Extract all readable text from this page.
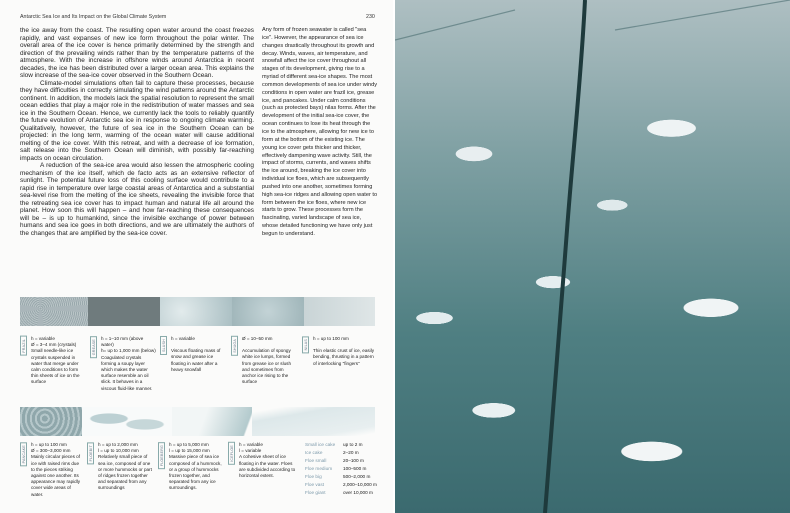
Antarctic Sea Ice and Its Impact on the Global Climate System	230

the ice away from the coast. The resulting open water around the coast freezes rapidly, and vast expanses of new ice form throughout the polar winter. The overall area of the ice cover is hence primarily determined by the strength and direction of the prevailing winds rather than by the temperature patterns of the atmosphere. With the increase in offshore winds around Antarctica in recent decades, the ice has been distributed over a larger ocean area. This explains the slow increase of the sea-ice cover observed in the Southern Ocean.

Climate-model simulations often fail to capture these processes, because they have difficulties in correctly simulating the wind patterns around the Antarctic continent. In addition, the models lack the spatial resolution to represent the small ocean eddies that play a major role in the redistribution of water masses and sea ice in the Southern Ocean. Hence, we currently lack the tools to reliably quantify the future evolution of Antarctic sea ice in response to ongoing climate warming. Qualitatively, however, the future of sea ice in the Southern Ocean can be projected: in the long term, warming of the ocean water will cause additional melting of the ice cover. With this retreat, and with a decrease of ice formation, salt release into the Southern Ocean will diminish, with possibly far-reaching impacts on ocean circulation.

A reduction of the sea-ice area would also lessen the atmospheric cooling mechanism of the ice itself, which de facto acts as an extensive reflector of sunlight. The potential future loss of this cooling surface would contribute to a rapid rise in temperature over large coastal areas of Antarctica and a substantial sea-level rise from the melting of the ice sheets, revealing the invisible force that the retreating sea ice cover has to impact human and natural life all around the planet. How soon this will happen – and how far-reaching these consequences will be – is up to humankind, since the invisible exchange of power between humans and sea ice goes in both directions, and we are ultimately the authors of the changes that are amplified by the sea-ice cover.

Any form of frozen seawater is called "sea ice". However, the appearance of sea ice changes drastically throughout its growth and decay. Winds, waves, air temperature, and snowfall affect the ice cover throughout all stages of its development, giving rise to a myriad of different sea-ice shapes. The most common developments of sea ice under windy conditions in open water are frazil ice, grease ice, and pancakes. Under calm conditions (such as protected bays) nilas forms. After the development of the initial sea-ice cover, the ocean continues to lose its heat through the ice to the atmosphere, allowing for new ice to form at the bottom of the existing ice. The young ice cover gets thicker and thicker, effectively dampening wave activity. Still, the impact of storms, currents, and waves shifts the ice around, breaking the ice cover into individual ice floes, which are subsequently pushed into one another, sometimes forming high sea-ice ridges and allowing open water to form between the ice floes, where new ice starts to grow. These processes form the fascinating, varied landscape of sea ice, whose detailed functioning we have only just begun to understand.
FRAZIL
h = variable
Ø = 3–4 mm (crystals)
Small needle-like ice crystals suspended in water that merge under calm conditions to form thin sheets of ice on the surface
GREASE
h = 1–10 mm (above water)
h= up to 1,000 mm (below)
Coagulated crystals forming a soupy layer which makes the water surface resemble an oil slick. It behaves in a viscous fluid-like manner.
SLUSH
h = variable
Viscous floating mass of snow and grease ice floating in water after a heavy snowfall
SHUGA
Ø = 10–50 mm
Accumulation of spongy white ice lumps, formed from grease ice or slush and sometimes from anchor ice rising to the surface
NILAS
h = up to 100 mm
Thin elastic crust of ice, easily bending, thrusting in a pattern of interlocking "fingers"
PANCAKE
h = up to 100 mm
Ø = 300–3,000 mm
Mainly circular pieces of ice with raised rims due to the pieces striking against one another. Its appearance may rapidly cover wide areas of water.
FLOEBIT
h = up to 2,000 mm
l = up to 10,000 mm
Relatively small piece of sea ice, composed of one or more hummocks or part of ridges frozen together and separated from any surroundings
FLOEBERG
h = up to 5,000 mm
l = up to 15,000 mm
Massive piece of sea ice composed of a hummock, or a group of hummocks frozen together, and separated from any ice surroundings.
ICEFLOE
h = variable
l = variable
A cohesive sheet of ice floating in the water. Floes are subdivided according to horizontal extent.
Small ice cake	up to 2 m
Ice cake	2–20 m
Floe small	20–100 m
Floe medium	100–500 m
Floe big	500–2,000 m
Floe vast	2,000–10,000 m
Floe giant	over 10,000 m
